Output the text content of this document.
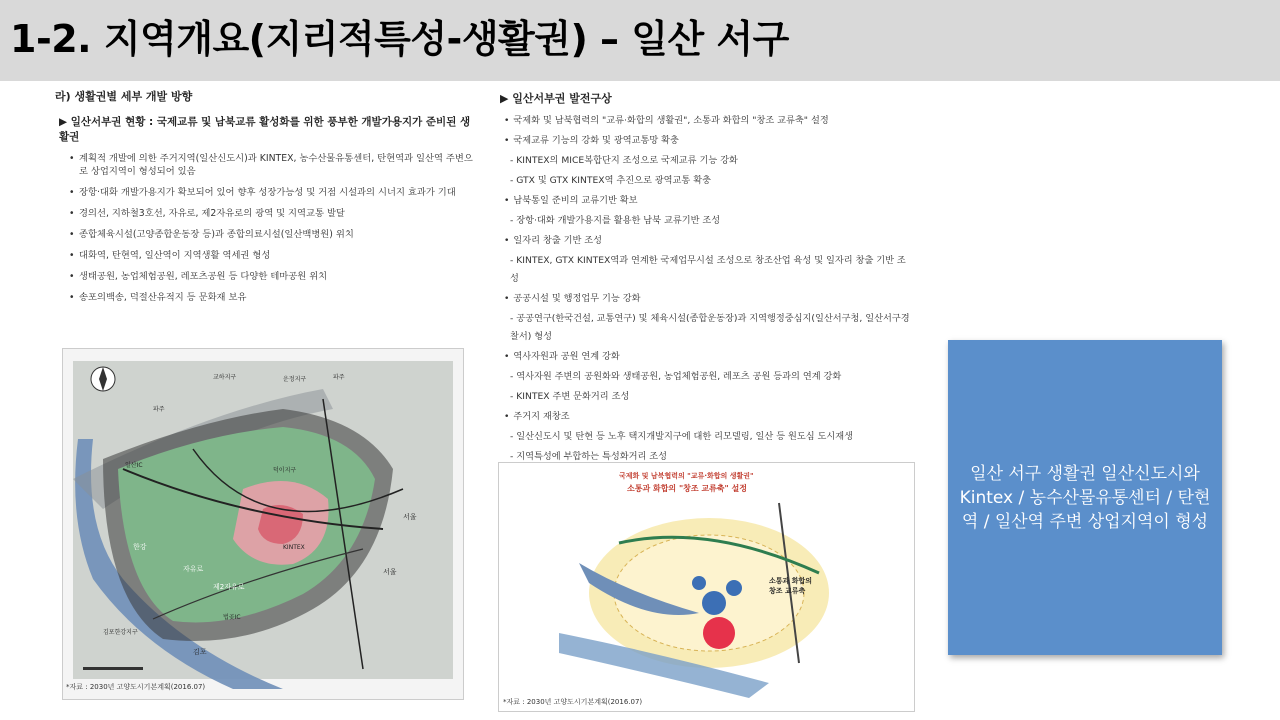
1-2. 지역개요(지리적특성-생활권) – 일산 서구
라) 생활권별 세부 개발 방향
▶ 일산서부권 현황 : 국제교류 및 남북교류 활성화를 위한 풍부한 개발가용지가 준비된 생활권
• 계획적 개발에 의한 주거지역(일산신도시)과 KINTEX, 농수산물유통센터, 탄현역과 일산역 주변으로 상업지역이 형성되어 있음
• 장항·대화 개발가용지가 확보되어 있어 향후 성장가능성 및 거점 시설과의 시너지 효과가 기대
• 경의선, 지하철3호선, 자유로, 제2자유로의 광역 및 지역교통 발달
• 종합체육시설(고양종합운동장 등)과 종합의료시설(일산백병원) 위치
• 대화역, 탄현역, 일산역이 지역생활 역세권 형성
• 생태공원, 농업체험공원, 레포츠공원 등 다양한 테마공원 위치
• 송포의백송, 덕절산유적지 등 문화재 보유
파주
교하지구	운정지구	파주
일산IC
덕이지구
KINTEX
서울
서울
자유로
제2자유로
한강
법곶IC
김포
김포한강지구
*자료 : 2030년 고양도시기본계획(2016.07)
▶ 일산서부권 발전구상
• 국제화 및 남북협력의 "교류·화합의 생활권", 소통과 화합의 "창조 교류축" 설정
• 국제교류 기능의 강화 및 광역교통망 확충
- KINTEX의 MICE복합단지 조성으로 국제교류 기능 강화
- GTX 및 GTX KINTEX역 추진으로 광역교통 확충
• 남북통일 준비의 교류기반 확보
- 장항·대화 개발가용지를 활용한 남북 교류기반 조성
• 일자리 창출 기반 조성
- KINTEX, GTX KINTEX역과 연계한 국제업무시설 조성으로 창조산업 육성 및 일자리 창출 기반 조성
• 공공시설 및 행정업무 기능 강화
- 공공연구(한국건설, 교통연구) 및 체육시설(종합운동장)과 지역행정중심지(일산서구청, 일산서구경찰서) 형성
• 역사자원과 공원 연계 강화
- 역사자원 주변의 공원화와 생태공원, 농업체험공원, 레포츠 공원 등과의 연계 강화
- KINTEX 주변 문화거리 조성
• 주거지 재창조
- 일산신도시 및 탄현 등 노후 택지개발지구에 대한 리모델링, 일산 등 원도심 도시재생
- 지역특성에 부합하는 특성화거리 조성
국제화 및 남북협력의 "교류·화합의 생활권"
소통과 화합의 "창조 교류축" 설정
소통과 화합의
창조 교류축
*자료 : 2030년 고양도시기본계획(2016.07)
일산 서구 생활권 일산신도시와 Kintex / 농수산물유통센터 / 탄현역 / 일산역 주변 상업지역이 형성
